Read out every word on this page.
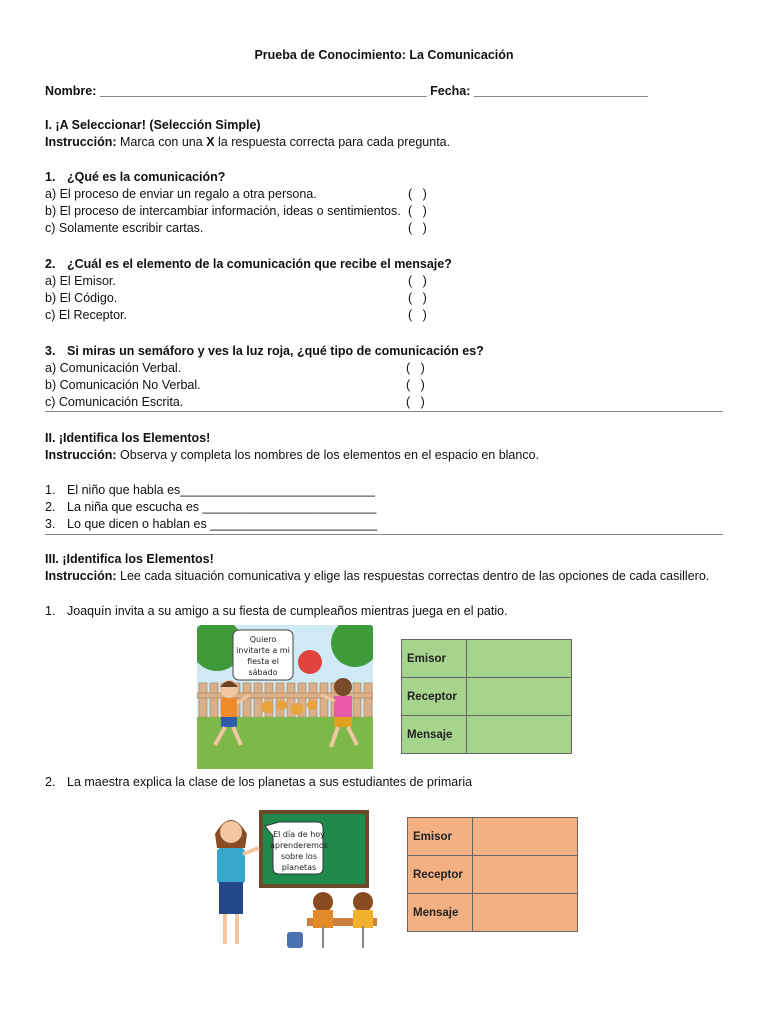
Prueba de Conocimiento: La Comunicación
Nombre: _______________________________________________ Fecha: _________________________
I. ¡A Seleccionar! (Selección Simple)
Instrucción: Marca con una X la respuesta correcta para cada pregunta.
1. ¿Qué es la comunicación?
a) El proceso de enviar un regalo a otra persona.	(   )
b) El proceso de intercambiar información, ideas o sentimientos. (   )
c) Solamente escribir cartas.	(   )
2. ¿Cuál es el elemento de la comunicación que recibe el mensaje?
a) El Emisor.	(   )
b) El Código.	(   )
c) El Receptor.	(   )
3. Si miras un semáforo y ves la luz roja, ¿qué tipo de comunicación es?
a) Comunicación Verbal.	(   )
b) Comunicación No Verbal.	(   )
c) Comunicación Escrita.	(   )
II. ¡Identifica los Elementos!
Instrucción: Observa y completa los nombres de los elementos en el espacio en blanco.
1. El niño que habla es____________________________
2. La niña que escucha es _________________________
3. Lo que dicen o hablan es ________________________
III. ¡Identifica los Elementos!
Instrucción: Lee cada situación comunicativa y elige las respuestas correctas dentro de las opciones de cada casillero.
1. Joaquín invita a su amigo a su fiesta de cumpleaños mientras juega en el patio.
Quiero
invitarte a mi
fiesta el
sábado
Emisor	
Receptor	
Mensaje	
2. La maestra explica la clase de los planetas a sus estudiantes de primaria
El día de hoy
aprenderemos
sobre los
planetas
Emisor	
Receptor	
Mensaje	
